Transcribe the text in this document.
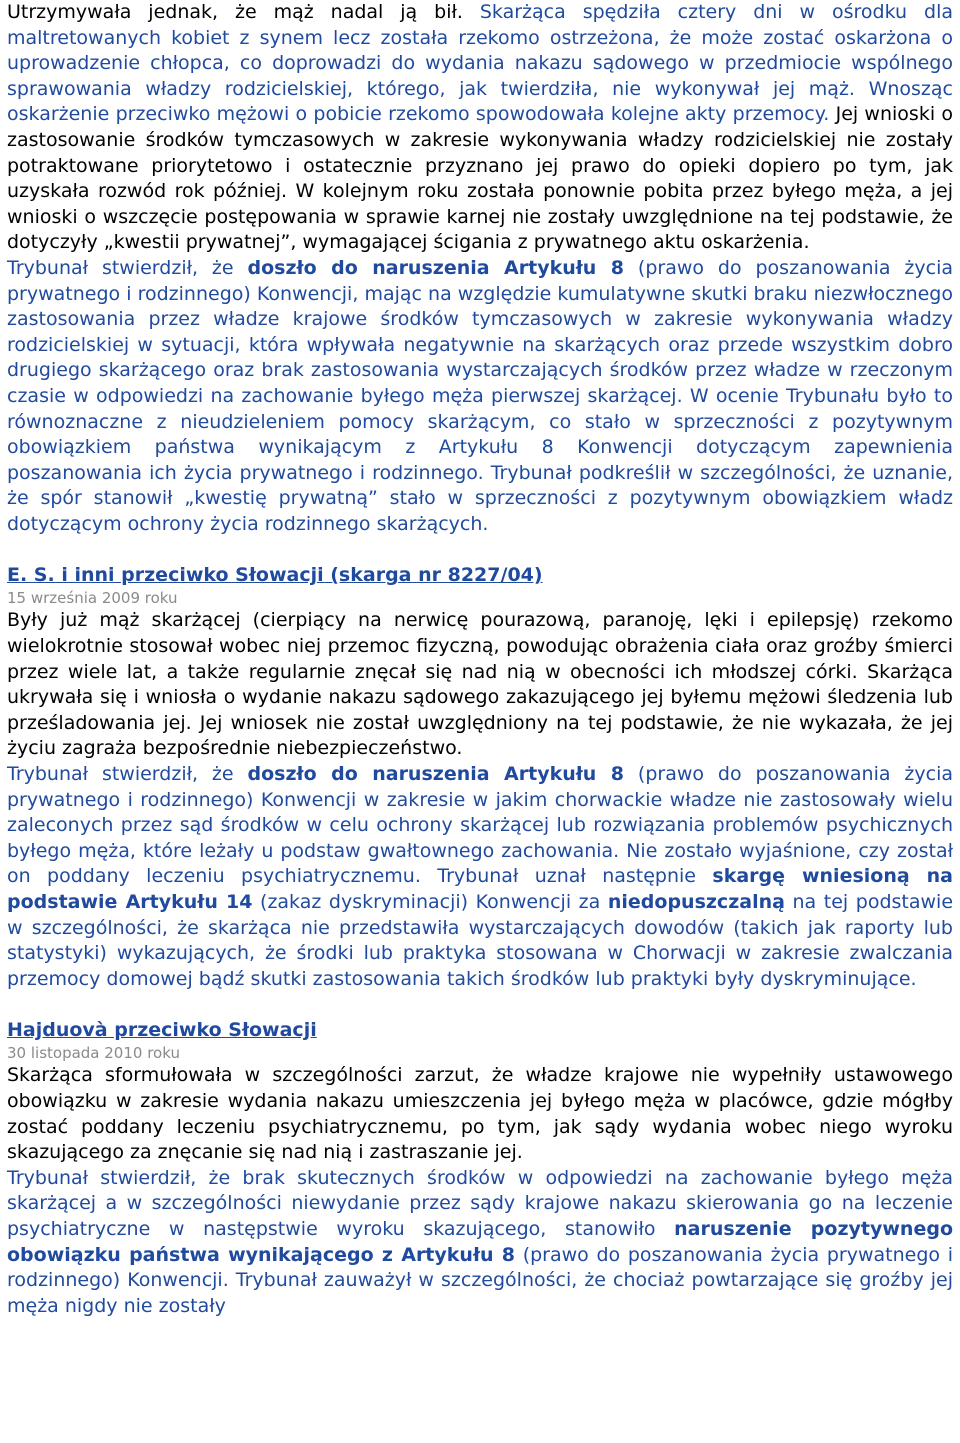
Utrzymywała jednak, że mąż nadal ją bił. Skarżąca spędziła cztery dni w ośrodku dla maltretowanych kobiet z synem lecz została rzekomo ostrzeżona, że może zostać oskarżona o uprowadzenie chłopca, co doprowadzi do wydania nakazu sądowego w przedmiocie wspólnego sprawowania władzy rodzicielskiej, którego, jak twierdziła, nie wykonywał jej mąż. Wnosząc oskarżenie przeciwko mężowi o pobicie rzekomo spowodowała kolejne akty przemocy. Jej wnioski o zastosowanie środków tymczasowych w zakresie wykonywania władzy rodzicielskiej nie zostały potraktowane priorytetowo i ostatecznie przyznano jej prawo do opieki dopiero po tym, jak uzyskała rozwód rok później. W kolejnym roku została ponownie pobita przez byłego męża, a jej wnioski o wszczęcie postępowania w sprawie karnej nie zostały uwzględnione na tej podstawie, że dotyczyły „kwestii prywatnej”, wymagającej ścigania z prywatnego aktu oskarżenia.

Trybunał stwierdził, że doszło do naruszenia Artykułu 8 (prawo do poszanowania życia prywatnego i rodzinnego) Konwencji, mając na względzie kumulatywne skutki braku niezwłocznego zastosowania przez władze krajowe środków tymczasowych w zakresie wykonywania władzy rodzicielskiej w sytuacji, która wpływała negatywnie na skarżących oraz przede wszystkim dobro drugiego skarżącego oraz brak zastosowania wystarczających środków przez władze w rzeczonym czasie w odpowiedzi na zachowanie byłego męża pierwszej skarżącej. W ocenie Trybunału było to równoznaczne z nieudzieleniem pomocy skarżącym, co stało w sprzeczności z pozytywnym obowiązkiem państwa wynikającym z Artykułu 8 Konwencji dotyczącym zapewnienia poszanowania ich życia prywatnego i rodzinnego. Trybunał podkreślił w szczególności, że uznanie, że spór stanowił „kwestię prywatną” stało w sprzeczności z pozytywnym obowiązkiem władz dotyczącym ochrony życia rodzinnego skarżących.

E. S. i inni przeciwko Słowacji (skarga nr 8227/04)

15 września 2009 roku

Były już mąż skarżącej (cierpiący na nerwicę pourazową, paranoję, lęki i epilepsję) rzekomo wielokrotnie stosował wobec niej przemoc fizyczną, powodując obrażenia ciała oraz groźby śmierci przez wiele lat, a także regularnie znęcał się nad nią w obecności ich młodszej córki. Skarżąca ukrywała się i wniosła o wydanie nakazu sądowego zakazującego jej byłemu mężowi śledzenia lub prześladowania jej. Jej wniosek nie został uwzględniony na tej podstawie, że nie wykazała, że jej życiu zagraża bezpośrednie niebezpieczeństwo.

Trybunał stwierdził, że doszło do naruszenia Artykułu 8 (prawo do poszanowania życia prywatnego i rodzinnego) Konwencji w zakresie w jakim chorwackie władze nie zastosowały wielu zaleconych przez sąd środków w celu ochrony skarżącej lub rozwiązania problemów psychicznych byłego męża, które leżały u podstaw gwałtownego zachowania. Nie zostało wyjaśnione, czy został on poddany leczeniu psychiatrycznemu. Trybunał uznał następnie skargę wniesioną na podstawie Artykułu 14 (zakaz dyskryminacji) Konwencji za niedopuszczalną na tej podstawie w szczególności, że skarżąca nie przedstawiła wystarczających dowodów (takich jak raporty lub statystyki) wykazujących, że środki lub praktyka stosowana w Chorwacji w zakresie zwalczania przemocy domowej bądź skutki zastosowania takich środków lub praktyki były dyskryminujące.

Hajduovà przeciwko Słowacji

30 listopada 2010 roku

Skarżąca sformułowała w szczególności zarzut, że władze krajowe nie wypełniły ustawowego obowiązku w zakresie wydania nakazu umieszczenia jej byłego męża w placówce, gdzie mógłby zostać poddany leczeniu psychiatrycznemu, po tym, jak sądy wydania wobec niego wyroku skazującego za znęcanie się nad nią i zastraszanie jej.

Trybunał stwierdził, że brak skutecznych środków w odpowiedzi na zachowanie byłego męża skarżącej a w szczególności niewydanie przez sądy krajowe nakazu skierowania go na leczenie psychiatryczne w następstwie wyroku skazującego, stanowiło naruszenie pozytywnego obowiązku państwa wynikającego z Artykułu 8 (prawo do poszanowania życia prywatnego i rodzinnego) Konwencji. Trybunał zauważył w szczególności, że chociaż powtarzające się groźby jej męża nigdy nie zostały
